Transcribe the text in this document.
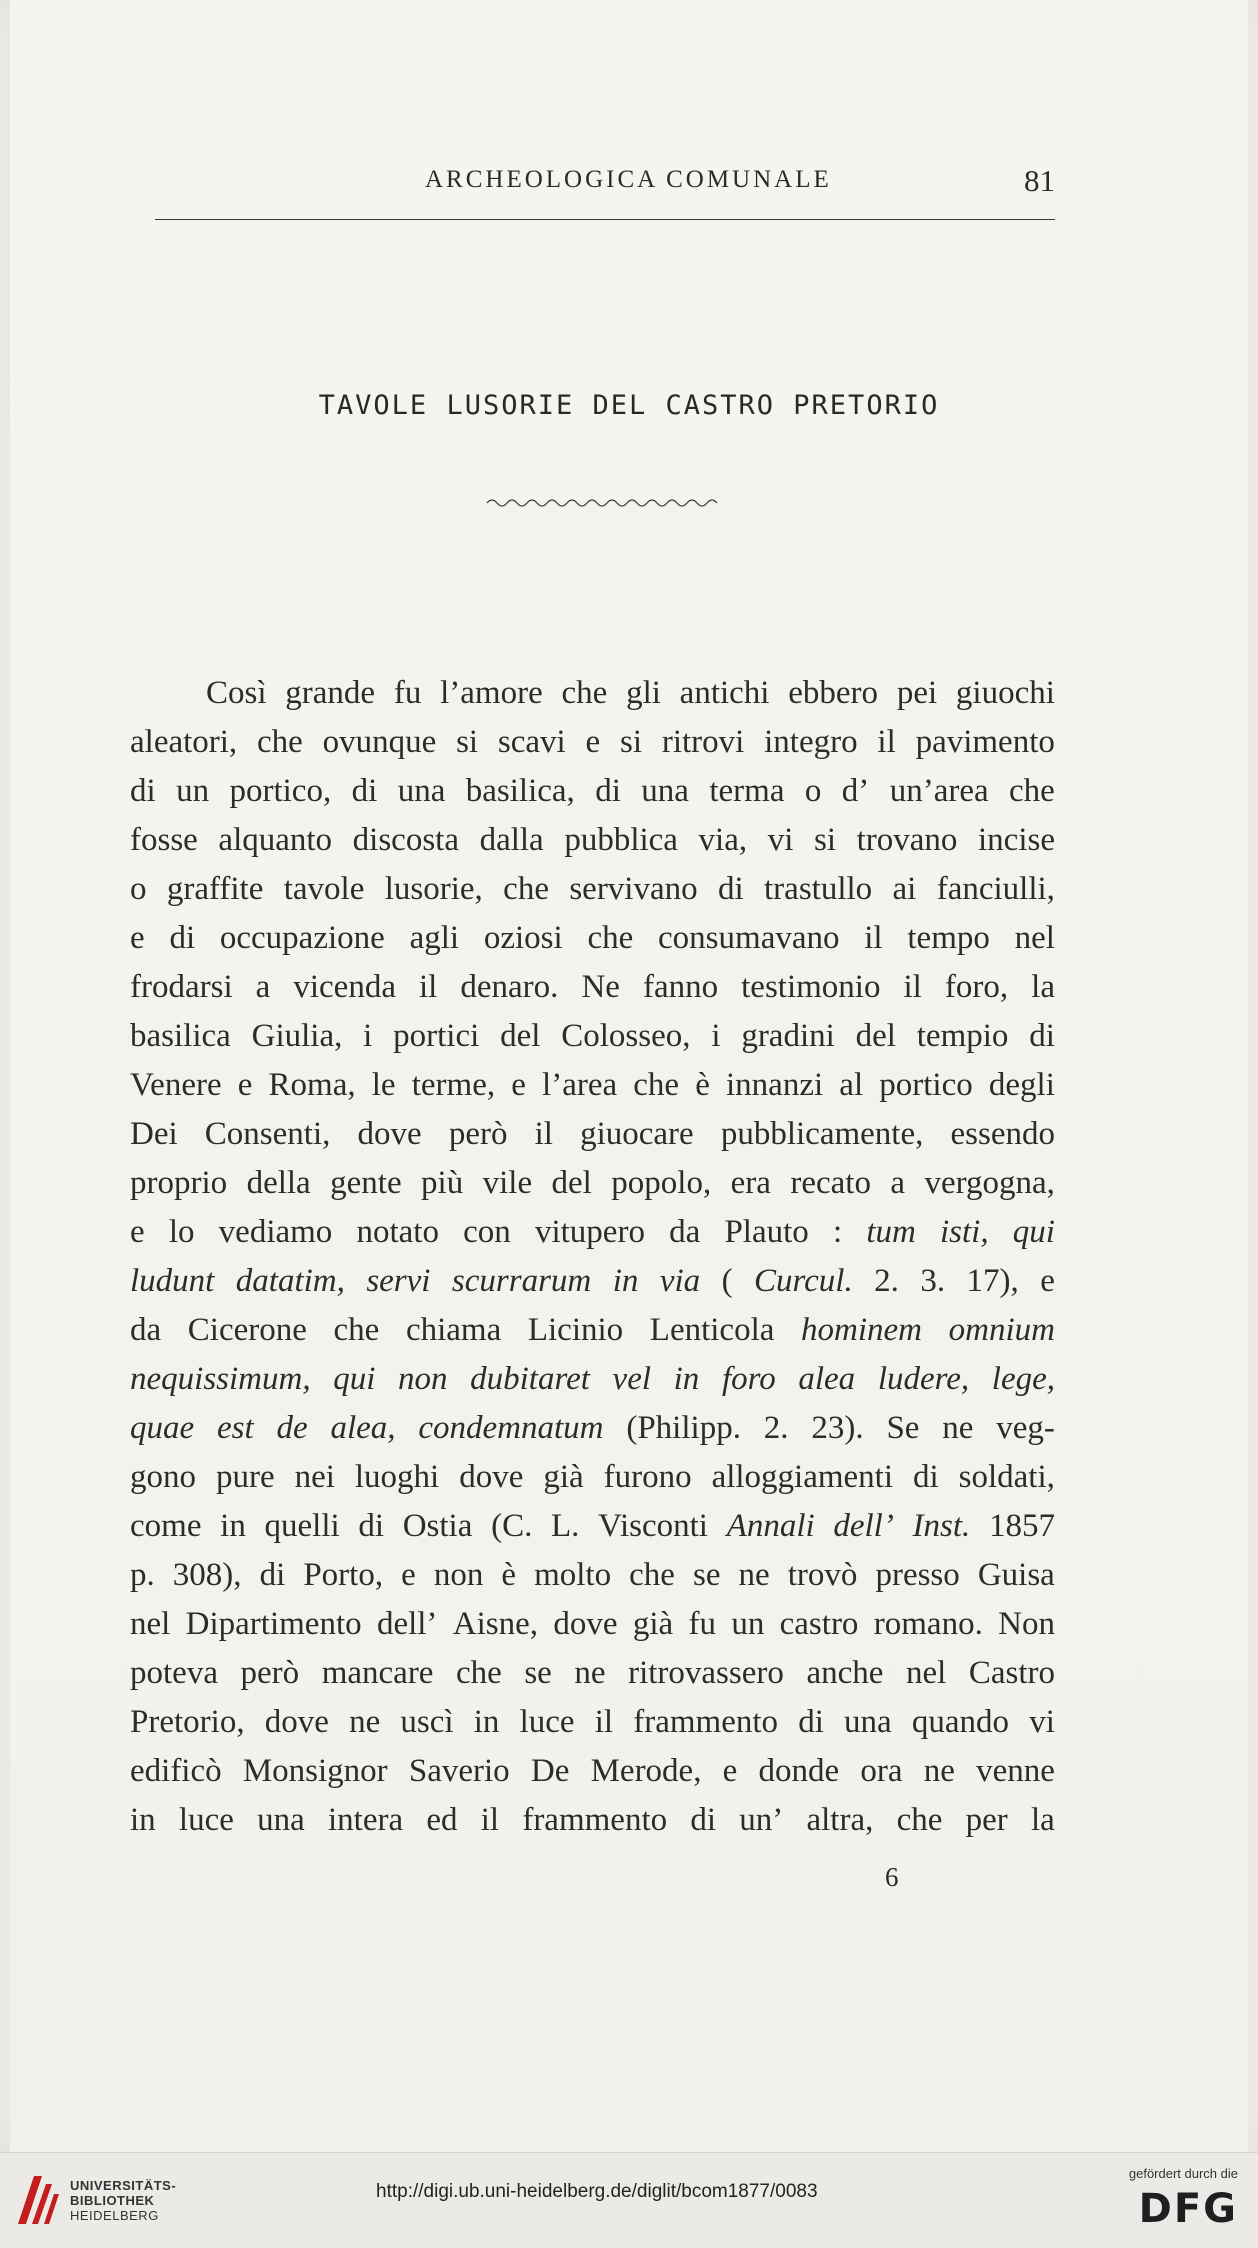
ARCHEOLOGICA COMUNALE	81
TAVOLE LUSORIE DEL CASTRO PRETORIO
Così grande fu l’amore che gli antichi ebbero pei giuochi
aleatori, che ovunque si scavi e si ritrovi integro il pavimento
di un portico, di una basilica, di una terma o d’ un’area che
fosse alquanto discosta dalla pubblica via, vi si trovano incise
o graffite tavole lusorie, che servivano di trastullo ai fanciulli,
e di occupazione agli oziosi che consumavano il tempo nel
frodarsi a vicenda il denaro. Ne fanno testimonio il foro, la
basilica Giulia, i portici del Colosseo, i gradini del tempio di
Venere e Roma, le terme, e l’area che è innanzi al portico degli
Dei Consenti, dove però il giuocare pubblicamente, essendo
proprio della gente più vile del popolo, era recato a vergogna,
e lo vediamo notato con vitupero da Plauto : tum isti, qui
ludunt datatim, servi scurrarum in via ( Curcul. 2. 3. 17), e
da Cicerone che chiama Licinio Lenticola hominem omnium
nequissimum, qui non dubitaret vel in foro alea ludere, lege,
quae est de alea, condemnatum (Philipp. 2. 23). Se ne veg-
gono pure nei luoghi dove già furono alloggiamenti di soldati,
come in quelli di Ostia (C. L. Visconti Annali dell’ Inst. 1857
p. 308), di Porto, e non è molto che se ne trovò presso Guisa
nel Dipartimento dell’ Aisne, dove già fu un castro romano. Non
poteva però mancare che se ne ritrovassero anche nel Castro
Pretorio, dove ne uscì in luce il frammento di una quando vi
edificò Monsignor Saverio De Merode, e donde ora ne venne
in luce una intera ed il frammento di un’ altra, che per la
6
UNIVERSITÄTS-
BIBLIOTHEK
HEIDELBERG
http://digi.ub.uni-heidelberg.de/diglit/bcom1877/0083
gefördert durch die
DFG
